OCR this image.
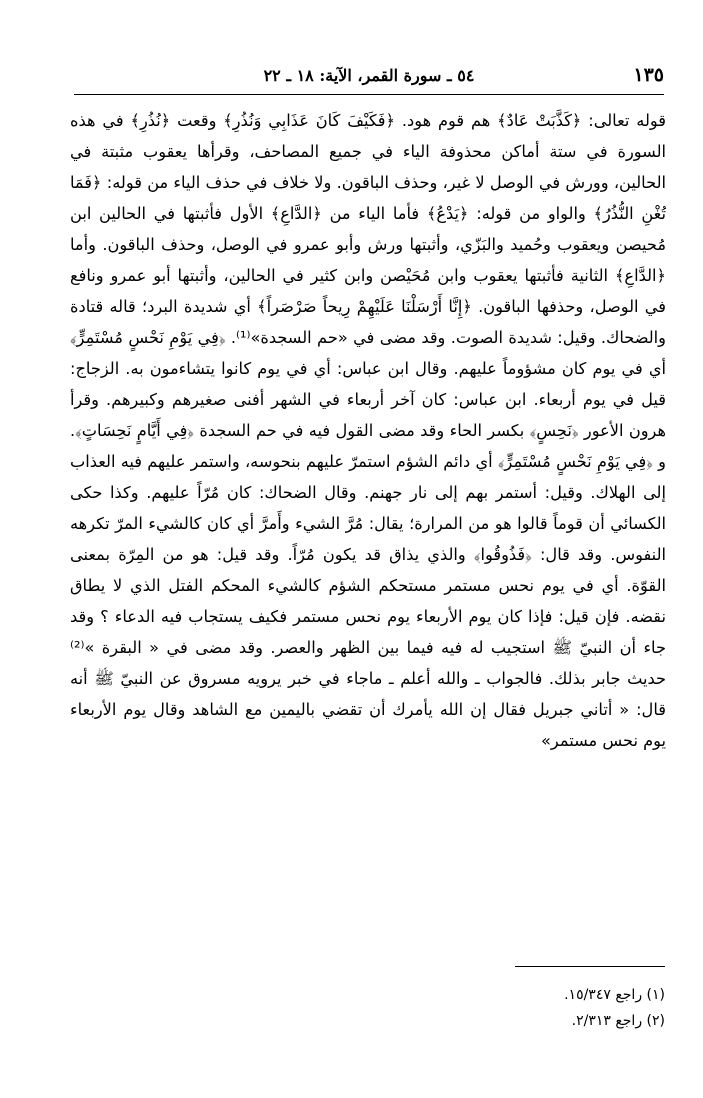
١٣٥
٥٤ ـ سورة القمر، الآية: ١٨ ـ ٢٢
قوله تعالى: ﴿كَذَّبَتْ عَادٌ﴾ هم قوم هود. ﴿فَكَيْفَ كَانَ عَذَابِي وَنُذُرِ﴾ وقعت ﴿نُذُرِ﴾ في هذه السورة في ستة أماكن محذوفة الياء في جميع المصاحف، وقرأها يعقوب مثبتة في الحالين، وورش في الوصل لا غير، وحذف الباقون. ولا خلاف في حذف الياء من قوله: ﴿فَمَا تُغْنِ النُّذُرُ﴾ والواو من قوله: ﴿يَدْعُ﴾ فأما الياء من ﴿الدَّاعِ﴾ الأول فأثبتها في الحالين ابن مُحيصن ويعقوب وحُميد والبَزّي، وأثبتها ورش وأبو عمرو في الوصل، وحذف الباقون. وأما ﴿الدَّاعِ﴾ الثانية فأثبتها يعقوب وابن مُحَيْصن وابن كثير في الحالين، وأثبتها أبو عمرو ونافع في الوصل، وحذفها الباقون. ﴿إِنَّا أَرْسَلْنَا عَلَيْهِمْ رِيحاً صَرْصَراً﴾ أي شديدة البرد؛ قاله قتادة والضحاك. وقيل: شديدة الصوت. وقد مضى في «حم السجدة»⁽¹⁾. ﴿فِي يَوْمِ نَحْسٍ مُسْتَمِرٍّ﴾ أي في يوم كان مشؤوماً عليهم. وقال ابن عباس: أي في يوم كانوا يتشاءمون به. الزجاج: قيل في يوم أربعاء. ابن عباس: كان آخر أربعاء في الشهر أفنى صغيرهم وكبيرهم. وقرأ هرون الأعور ﴿نَحِسٍ﴾ بكسر الحاء وقد مضى القول فيه في حم السجدة ﴿فِي أَيَّامٍ نَحِسَاتٍ﴾. و ﴿فِي يَوْمِ نَحْسٍ مُسْتَمِرٍّ﴾ أي دائم الشؤم استمرّ عليهم بنحوسه، واستمر عليهم فيه العذاب إلى الهلاك. وقيل: أستمر بهم إلى نار جهنم. وقال الضحاك: كان مُرّاً عليهم. وكذا حكى الكسائي أن قوماً قالوا هو من المرارة؛ يقال: مُرَّ الشيء وأَمرَّ أي كان كالشيء المرّ تكرهه النفوس. وقد قال: ﴿فَذُوقُوا﴾ والذي يذاق قد يكون مُرّاً. وقد قيل: هو من المِرّة بمعنى القوّة. أي في يوم نحس مستمر مستحكم الشؤم كالشيء المحكم الفتل الذي لا يطاق نقضه. فإن قيل: فإذا كان يوم الأربعاء يوم نحس مستمر فكيف يستجاب فيه الدعاء ؟ وقد جاء أن النبيّ ﷺ استجيب له فيه فيما بين الظهر والعصر. وقد مضى في « البقرة »⁽²⁾ حديث جابر بذلك. فالجواب ـ والله أعلم ـ ماجاء في خبر يرويه مسروق عن النبيّ ﷺ أنه قال: « أتاني جبريل فقال إن الله يأمرك أن تقضي باليمين مع الشاهد وقال يوم الأربعاء يوم نحس مستمر»

(١) راجع ١٥/٣٤٧.

(٢) راجع ٢/٣١٣.
